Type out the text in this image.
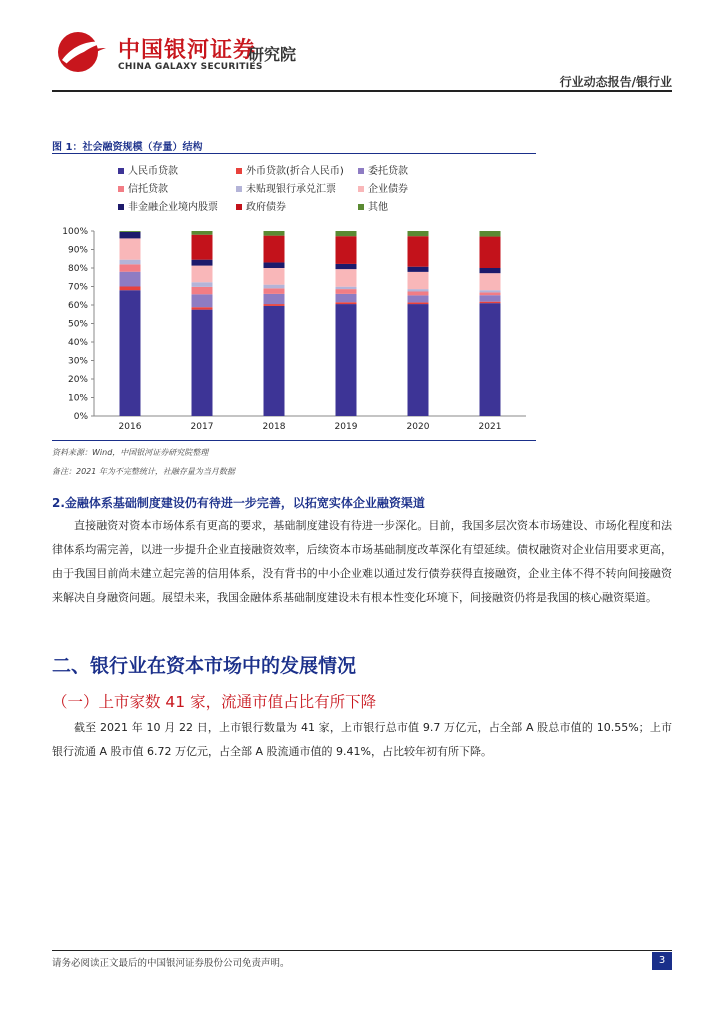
中国银河证券
CHINA GALAXY SECURITIES
研究院
行业动态报告/银行业
图 1：社会融资规模（存量）结构
人民币贷款	外币贷款(折合人民币) 委托贷款
信托贷款	未贴现银行承兑汇票	企业债券
非金融企业境内股票	政府债券	其他
0%
10%
20%
30%
40%
50%
60%
70%
80%
90%
100%
2016	2017	2018	2019	2020	2021
资料来源：Wind，中国银河证券研究院整理
备注：2021 年为不完整统计，社融存量为当月数据
2.金融体系基础制度建设仍有待进一步完善，以拓宽实体企业融资渠道
直接融资对资本市场体系有更高的要求，基础制度建设有待进一步深化。目前，我国多层次资本市场建设、市场化程度和法律体系均需完善，以进一步提升企业直接融资效率，后续资本市场基础制度改革深化有望延续。债权融资对企业信用要求更高，由于我国目前尚未建立起完善的信用体系，没有背书的中小企业难以通过发行债券获得直接融资，企业主体不得不转向间接融资来解决自身融资问题。展望未来，我国金融体系基础制度建设未有根本性变化环境下，间接融资仍将是我国的核心融资渠道。
二、银行业在资本市场中的发展情况
（一）上市家数 41 家，流通市值占比有所下降
截至 2021 年 10 月 22 日，上市银行数量为 41 家，上市银行总市值 9.7 万亿元，占全部 A 股总市值的 10.55%；上市银行流通 A 股市值 6.72 万亿元，占全部 A 股流通市值的 9.41%，占比较年初有所下降。
请务必阅读正文最后的中国银河证券股份公司免责声明。	3
